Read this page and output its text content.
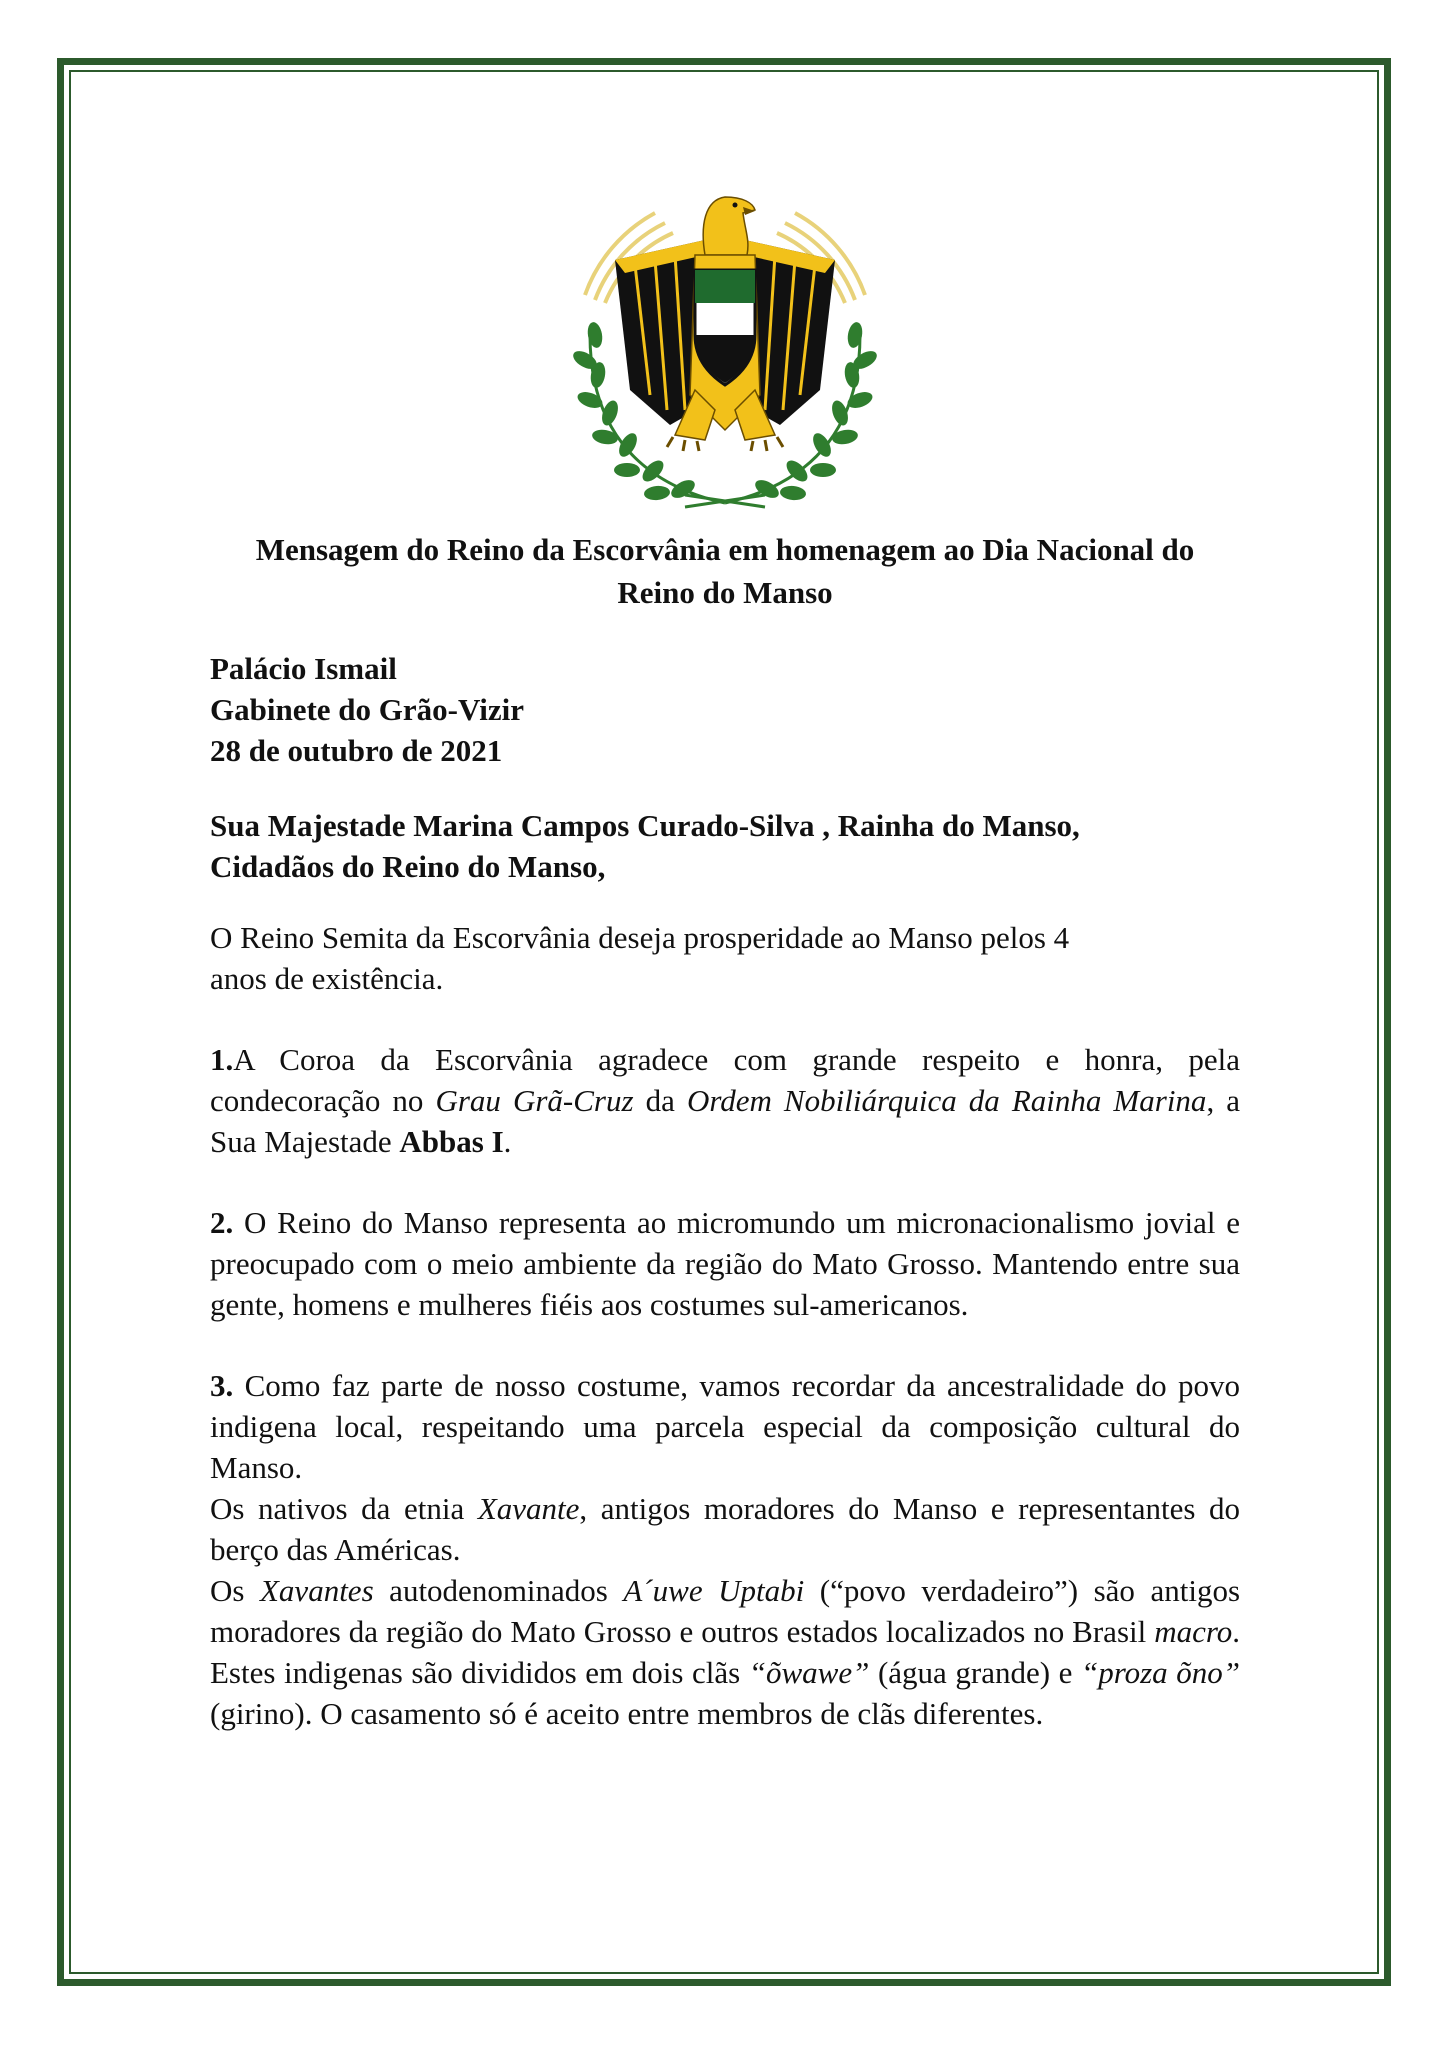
Mensagem do Reino da Escorvânia em homenagem ao Dia Nacional do
Reino do Manso
Palácio Ismail
Gabinete do Grão-Vizir
28 de outubro de 2021
Sua Majestade Marina Campos Curado-Silva , Rainha do Manso,
Cidadãos do Reino do Manso,
O Reino Semita da Escorvânia deseja prosperidade ao Manso pelos 4
anos de existência.
1.A Coroa da Escorvânia agradece com grande respeito e honra, pela condecoração no Grau Grã-Cruz da Ordem Nobiliárquica da Rainha Marina, a Sua Majestade Abbas I.
2. O Reino do Manso representa ao micromundo um micronacionalismo jovial e preocupado com o meio ambiente da região do Mato Grosso. Mantendo entre sua gente, homens e mulheres fiéis aos costumes sul-americanos.

3. Como faz parte de nosso costume, vamos recordar da ancestralidade do povo indigena local, respeitando uma parcela especial da composição cultural do Manso.

Os nativos da etnia Xavante, antigos moradores do Manso e representantes do berço das Américas.

Os Xavantes autodenominados A´uwe Uptabi (“povo verdadeiro”) são antigos moradores da região do Mato Grosso e outros estados localizados no Brasil macro. Estes indigenas são divididos em dois clãs “õwawe” (água grande) e “proza õno” (girino). O casamento só é aceito entre membros de clãs diferentes.
